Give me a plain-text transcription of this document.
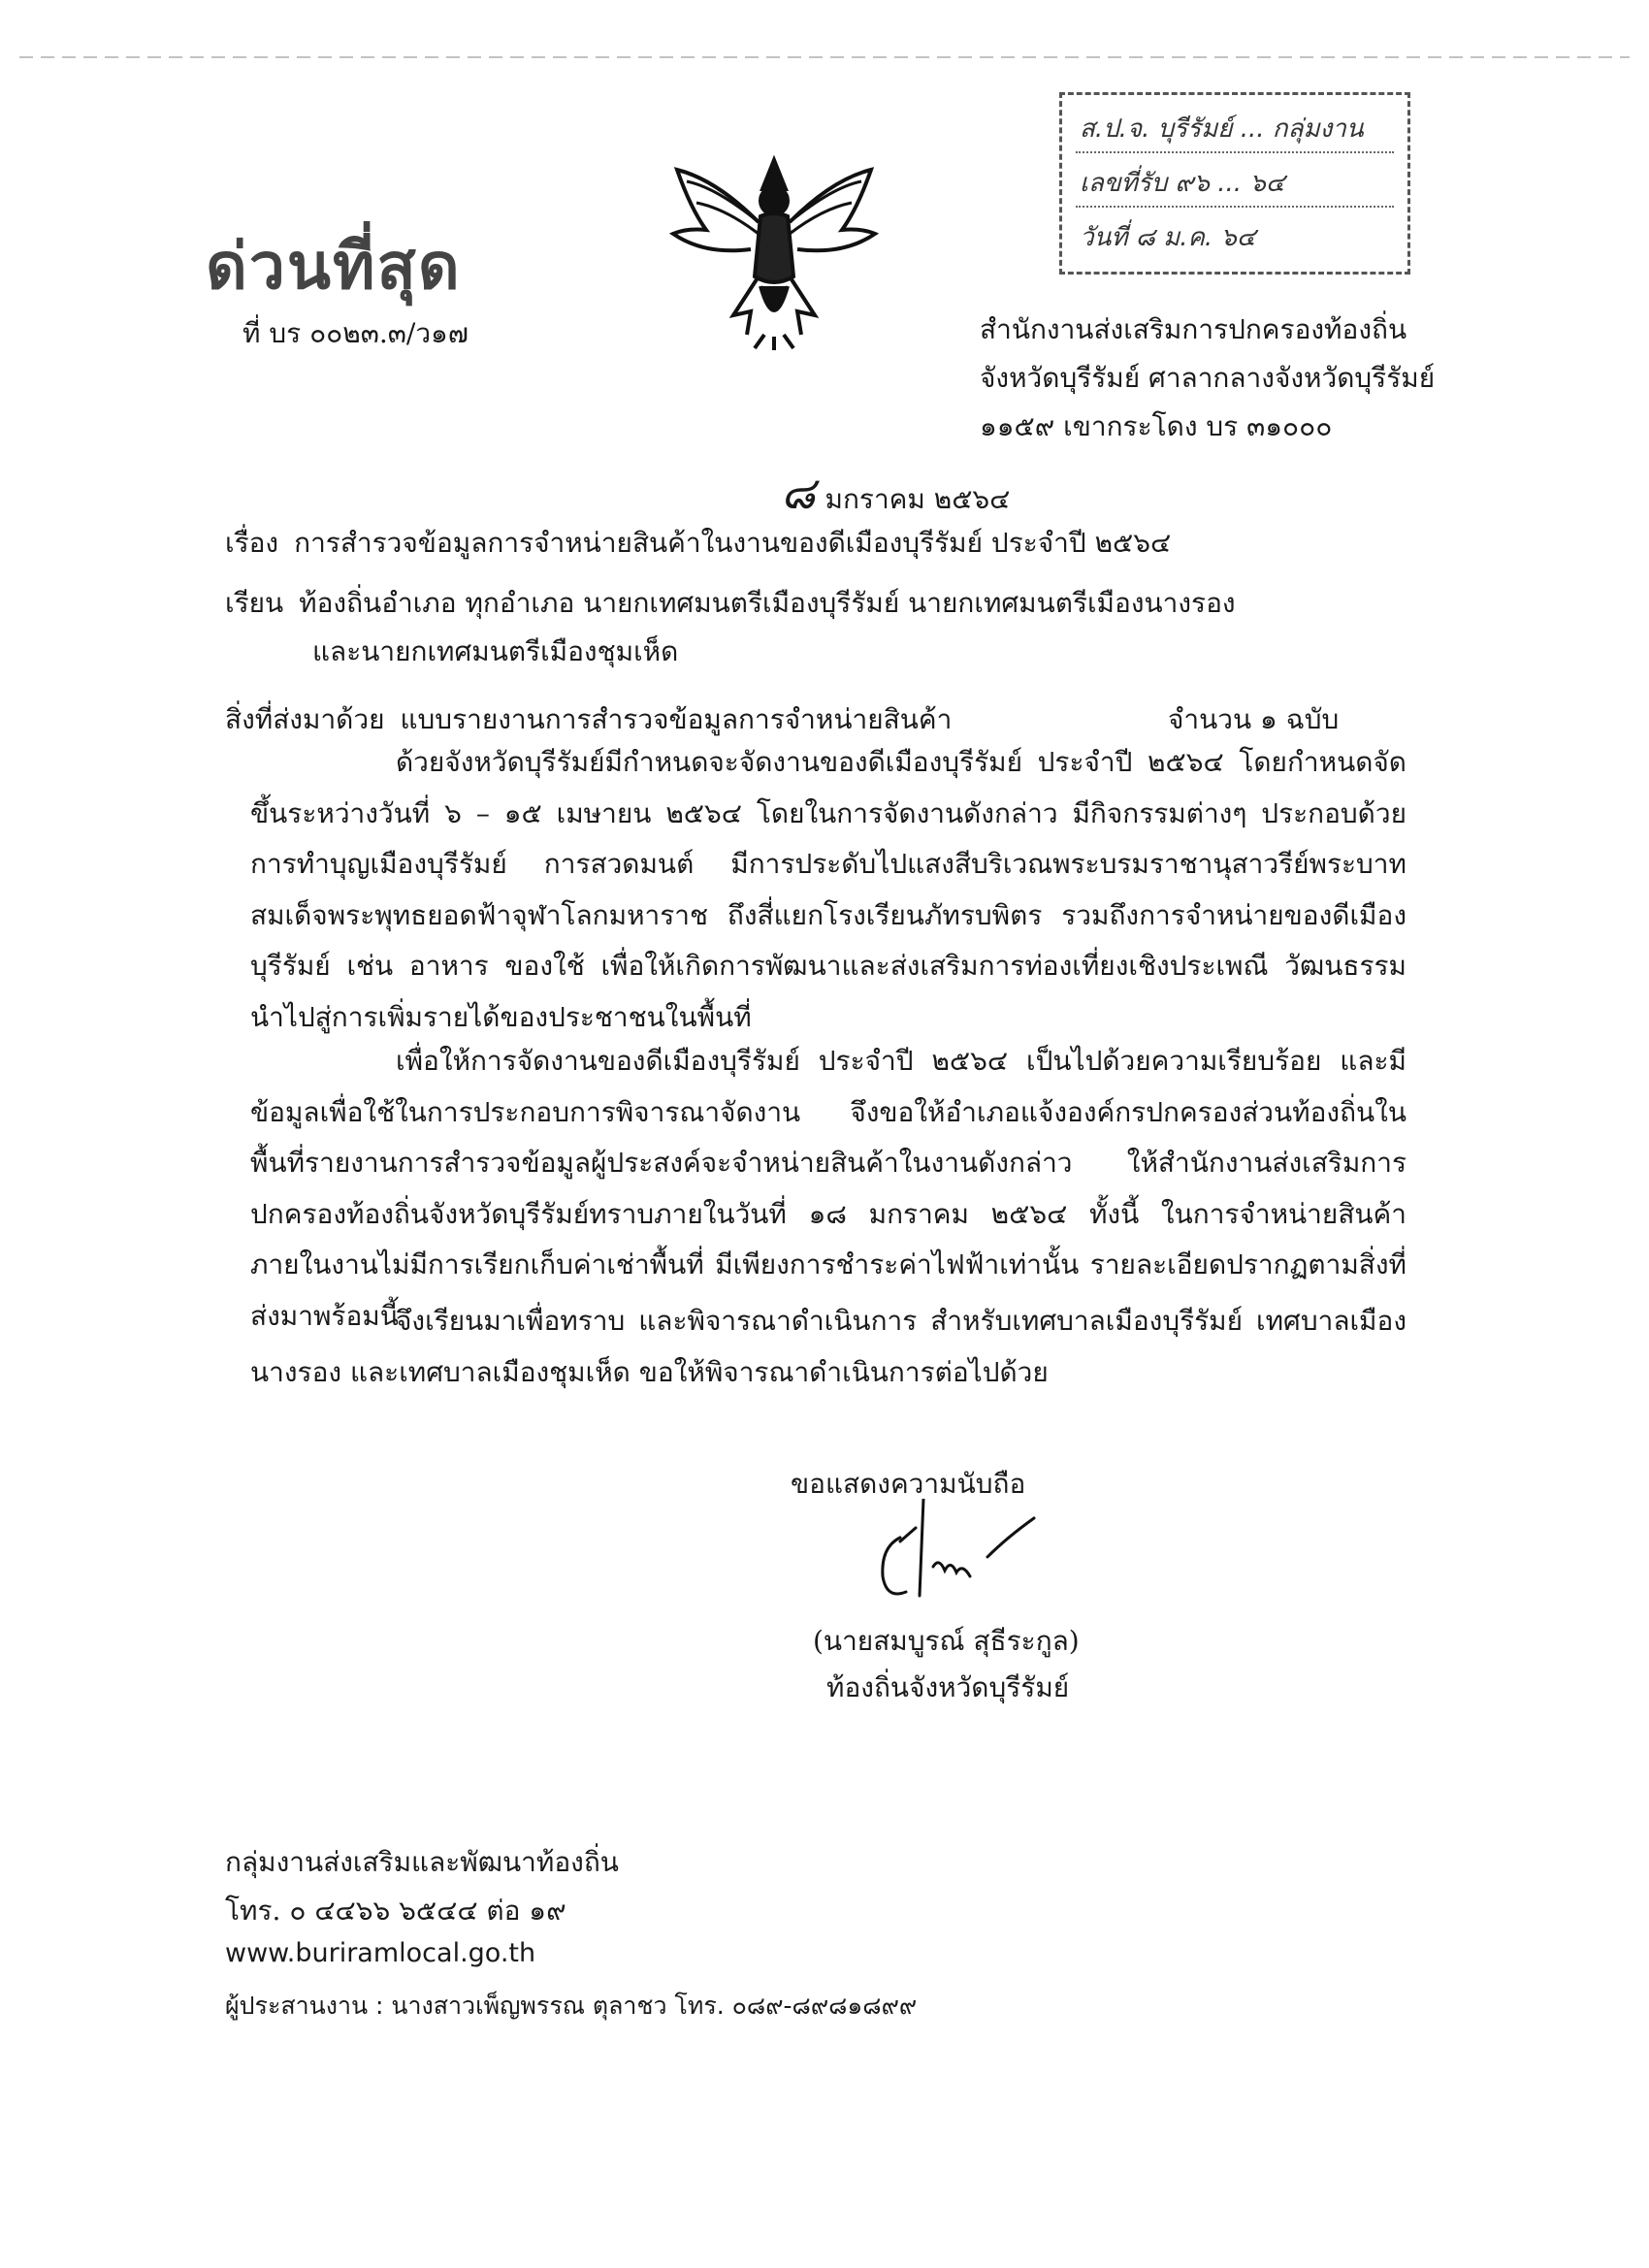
ด่วนที่สุด
ที่ บร ๐๐๒๓.๓/ว๑๗
ส.ป.จ. บุรีรัมย์ ... กลุ่มงาน
เลขที่รับ ๙๖ ... ๖๔
วันที่ ๘ ม.ค. ๖๔
สำนักงานส่งเสริมการปกครองท้องถิ่น
จังหวัดบุรีรัมย์ ศาลากลางจังหวัดบุรีรัมย์
๑๑๕๙ เขากระโดง บร ๓๑๐๐๐
๘ มกราคม ๒๕๖๔
เรื่อง การสำรวจข้อมูลการจำหน่ายสินค้าในงานของดีเมืองบุรีรัมย์ ประจำปี ๒๕๖๔
เรียน ท้องถิ่นอำเภอ ทุกอำเภอ นายกเทศมนตรีเมืองบุรีรัมย์ นายกเทศมนตรีเมืองนางรอง
และนายกเทศมนตรีเมืองชุมเห็ด
สิ่งที่ส่งมาด้วย แบบรายงานการสำรวจข้อมูลการจำหน่ายสินค้า	จำนวน ๑ ฉบับ

ด้วยจังหวัดบุรีรัมย์มีกำหนดจะจัดงานของดีเมืองบุรีรัมย์ ประจำปี ๒๕๖๔ โดยกำหนดจัดขึ้นระหว่างวันที่ ๖ – ๑๕ เมษายน ๒๕๖๔ โดยในการจัดงานดังกล่าว มีกิจกรรมต่างๆ ประกอบด้วย การทำบุญเมืองบุรีรัมย์ การสวดมนต์ มีการประดับไปแสงสีบริเวณพระบรมราชานุสาวรีย์พระบาทสมเด็จพระพุทธยอดฟ้าจุฬาโลกมหาราช ถึงสี่แยกโรงเรียนภัทรบพิตร รวมถึงการจำหน่ายของดีเมืองบุรีรัมย์ เช่น อาหาร ของใช้ เพื่อให้เกิดการพัฒนาและส่งเสริมการท่องเที่ยงเชิงประเพณี วัฒนธรรม นำไปสู่การเพิ่มรายได้ของประชาชนในพื้นที่

เพื่อให้การจัดงานของดีเมืองบุรีรัมย์ ประจำปี ๒๕๖๔ เป็นไปด้วยความเรียบร้อย และมีข้อมูลเพื่อใช้ในการประกอบการพิจารณาจัดงาน จึงขอให้อำเภอแจ้งองค์กรปกครองส่วนท้องถิ่นในพื้นที่รายงานการสำรวจข้อมูลผู้ประสงค์จะจำหน่ายสินค้าในงานดังกล่าว ให้สำนักงานส่งเสริมการปกครองท้องถิ่นจังหวัดบุรีรัมย์ทราบภายในวันที่ ๑๘ มกราคม ๒๕๖๔ ทั้งนี้ ในการจำหน่ายสินค้าภายในงานไม่มีการเรียกเก็บค่าเช่าพื้นที่ มีเพียงการชำระค่าไฟฟ้าเท่านั้น รายละเอียดปรากฏตามสิ่งที่ส่งมาพร้อมนี้

จึงเรียนมาเพื่อทราบ และพิจารณาดำเนินการ สำหรับเทศบาลเมืองบุรีรัมย์ เทศบาลเมืองนางรอง และเทศบาลเมืองชุมเห็ด ขอให้พิจารณาดำเนินการต่อไปด้วย

ขอแสดงความนับถือ
(นายสมบูรณ์ สุธีระกูล)
ท้องถิ่นจังหวัดบุรีรัมย์
กลุ่มงานส่งเสริมและพัฒนาท้องถิ่น
โทร. ๐ ๔๔๖๖ ๖๕๔๔ ต่อ ๑๙
www.buriramlocal.go.th
ผู้ประสานงาน : นางสาวเพ็ญพรรณ ตุลาชว โทร. ๐๘๙-๘๙๘๑๘๙๙
